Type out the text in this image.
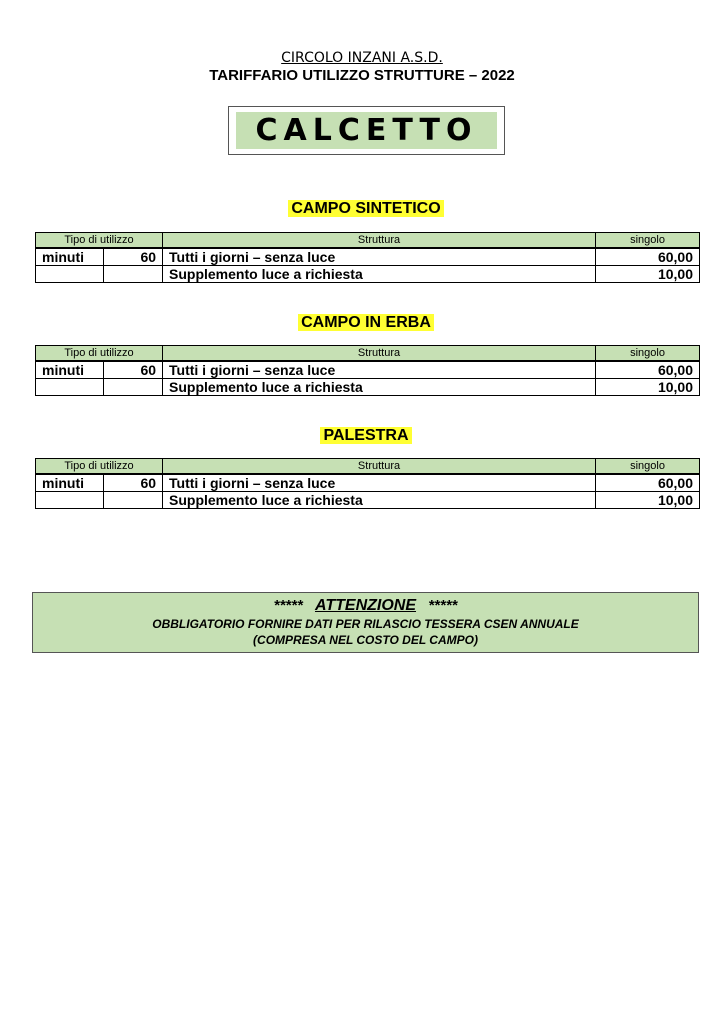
CIRCOLO INZANI A.S.D.
TARIFFARIO UTILIZZO STRUTTURE – 2022
CALCETTO
CAMPO SINTETICO
Tipo di utilizzo		Struttura	singolo
minuti	60	Tutti i giorni – senza luce	60,00
		Supplemento luce a richiesta	10,00
CAMPO IN ERBA
Tipo di utilizzo		Struttura	singolo
minuti	60	Tutti i giorni – senza luce	60,00
		Supplemento luce a richiesta	10,00
PALESTRA
Tipo di utilizzo		Struttura	singolo
minuti	60	Tutti i giorni – senza luce	60,00
		Supplemento luce a richiesta	10,00
***** ATTENZIONE *****
OBBLIGATORIO FORNIRE DATI PER RILASCIO TESSERA CSEN ANNUALE
(COMPRESA NEL COSTO DEL CAMPO)
